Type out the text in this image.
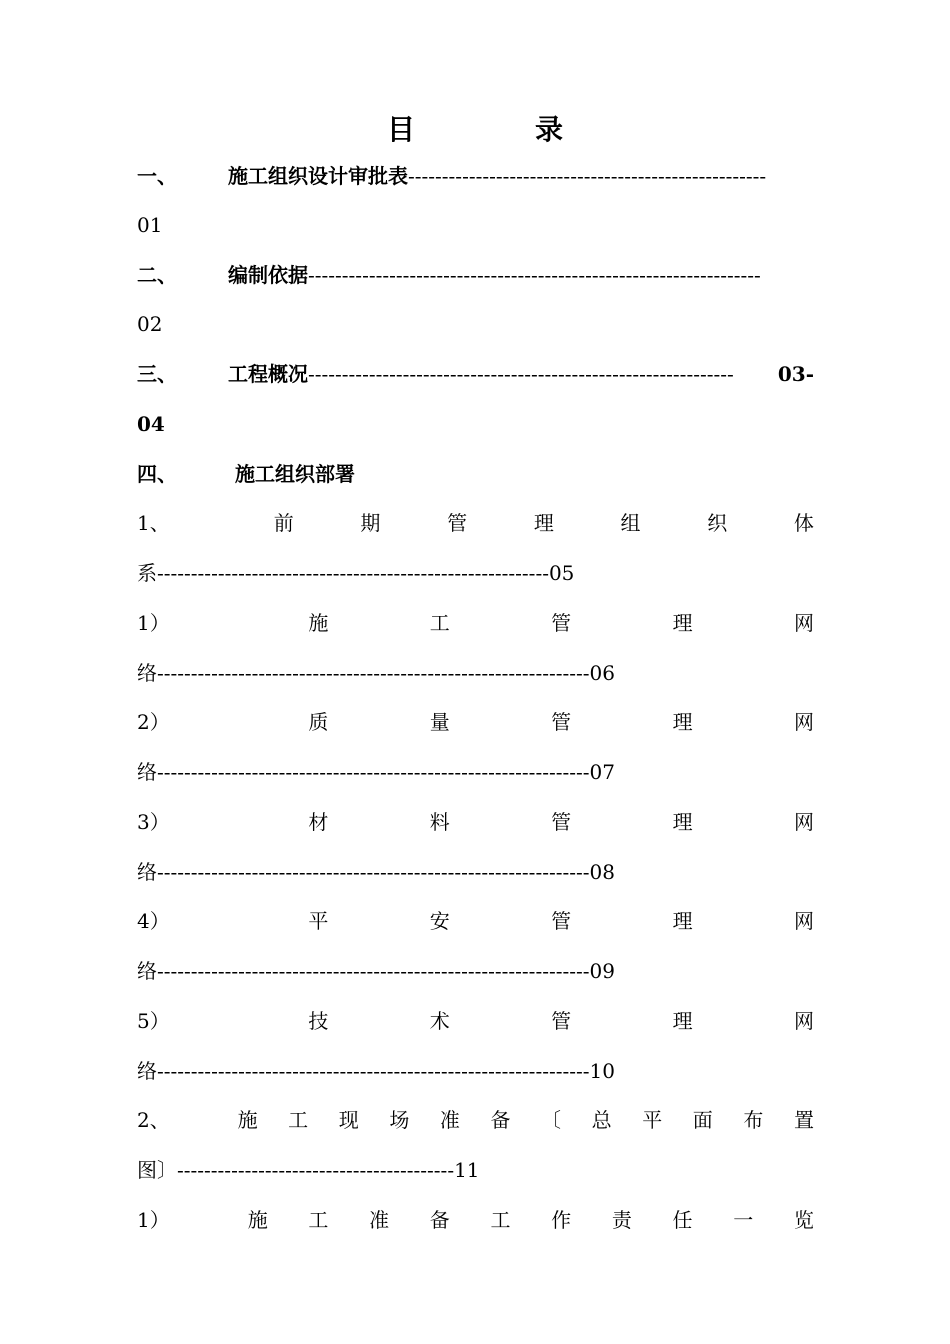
目　录
一、	施工组织设计审批表 -----------------------------------------------------
01
二、	编制依据 -------------------------------------------------------------------
02
三、	工程概况 ---------------------------------------------------------------	03-
04
四、	施工组织部署
1、	前	期	管	理	组	织	体
系----------------------------------------------------------05
1）	施	工	管	理	网
络----------------------------------------------------------------06
2）	质	量	管	理	网
络----------------------------------------------------------------07
3）	材	料	管	理	网
络----------------------------------------------------------------08
4）	平	安	管	理	网
络----------------------------------------------------------------09
5）	技	术	管	理	网
络----------------------------------------------------------------10
2、	施 工 现 场 准 备 〔 总 平 面 布 置
图〕-----------------------------------------11
1）	施 工 准 备 工 作 责 任 一 览
